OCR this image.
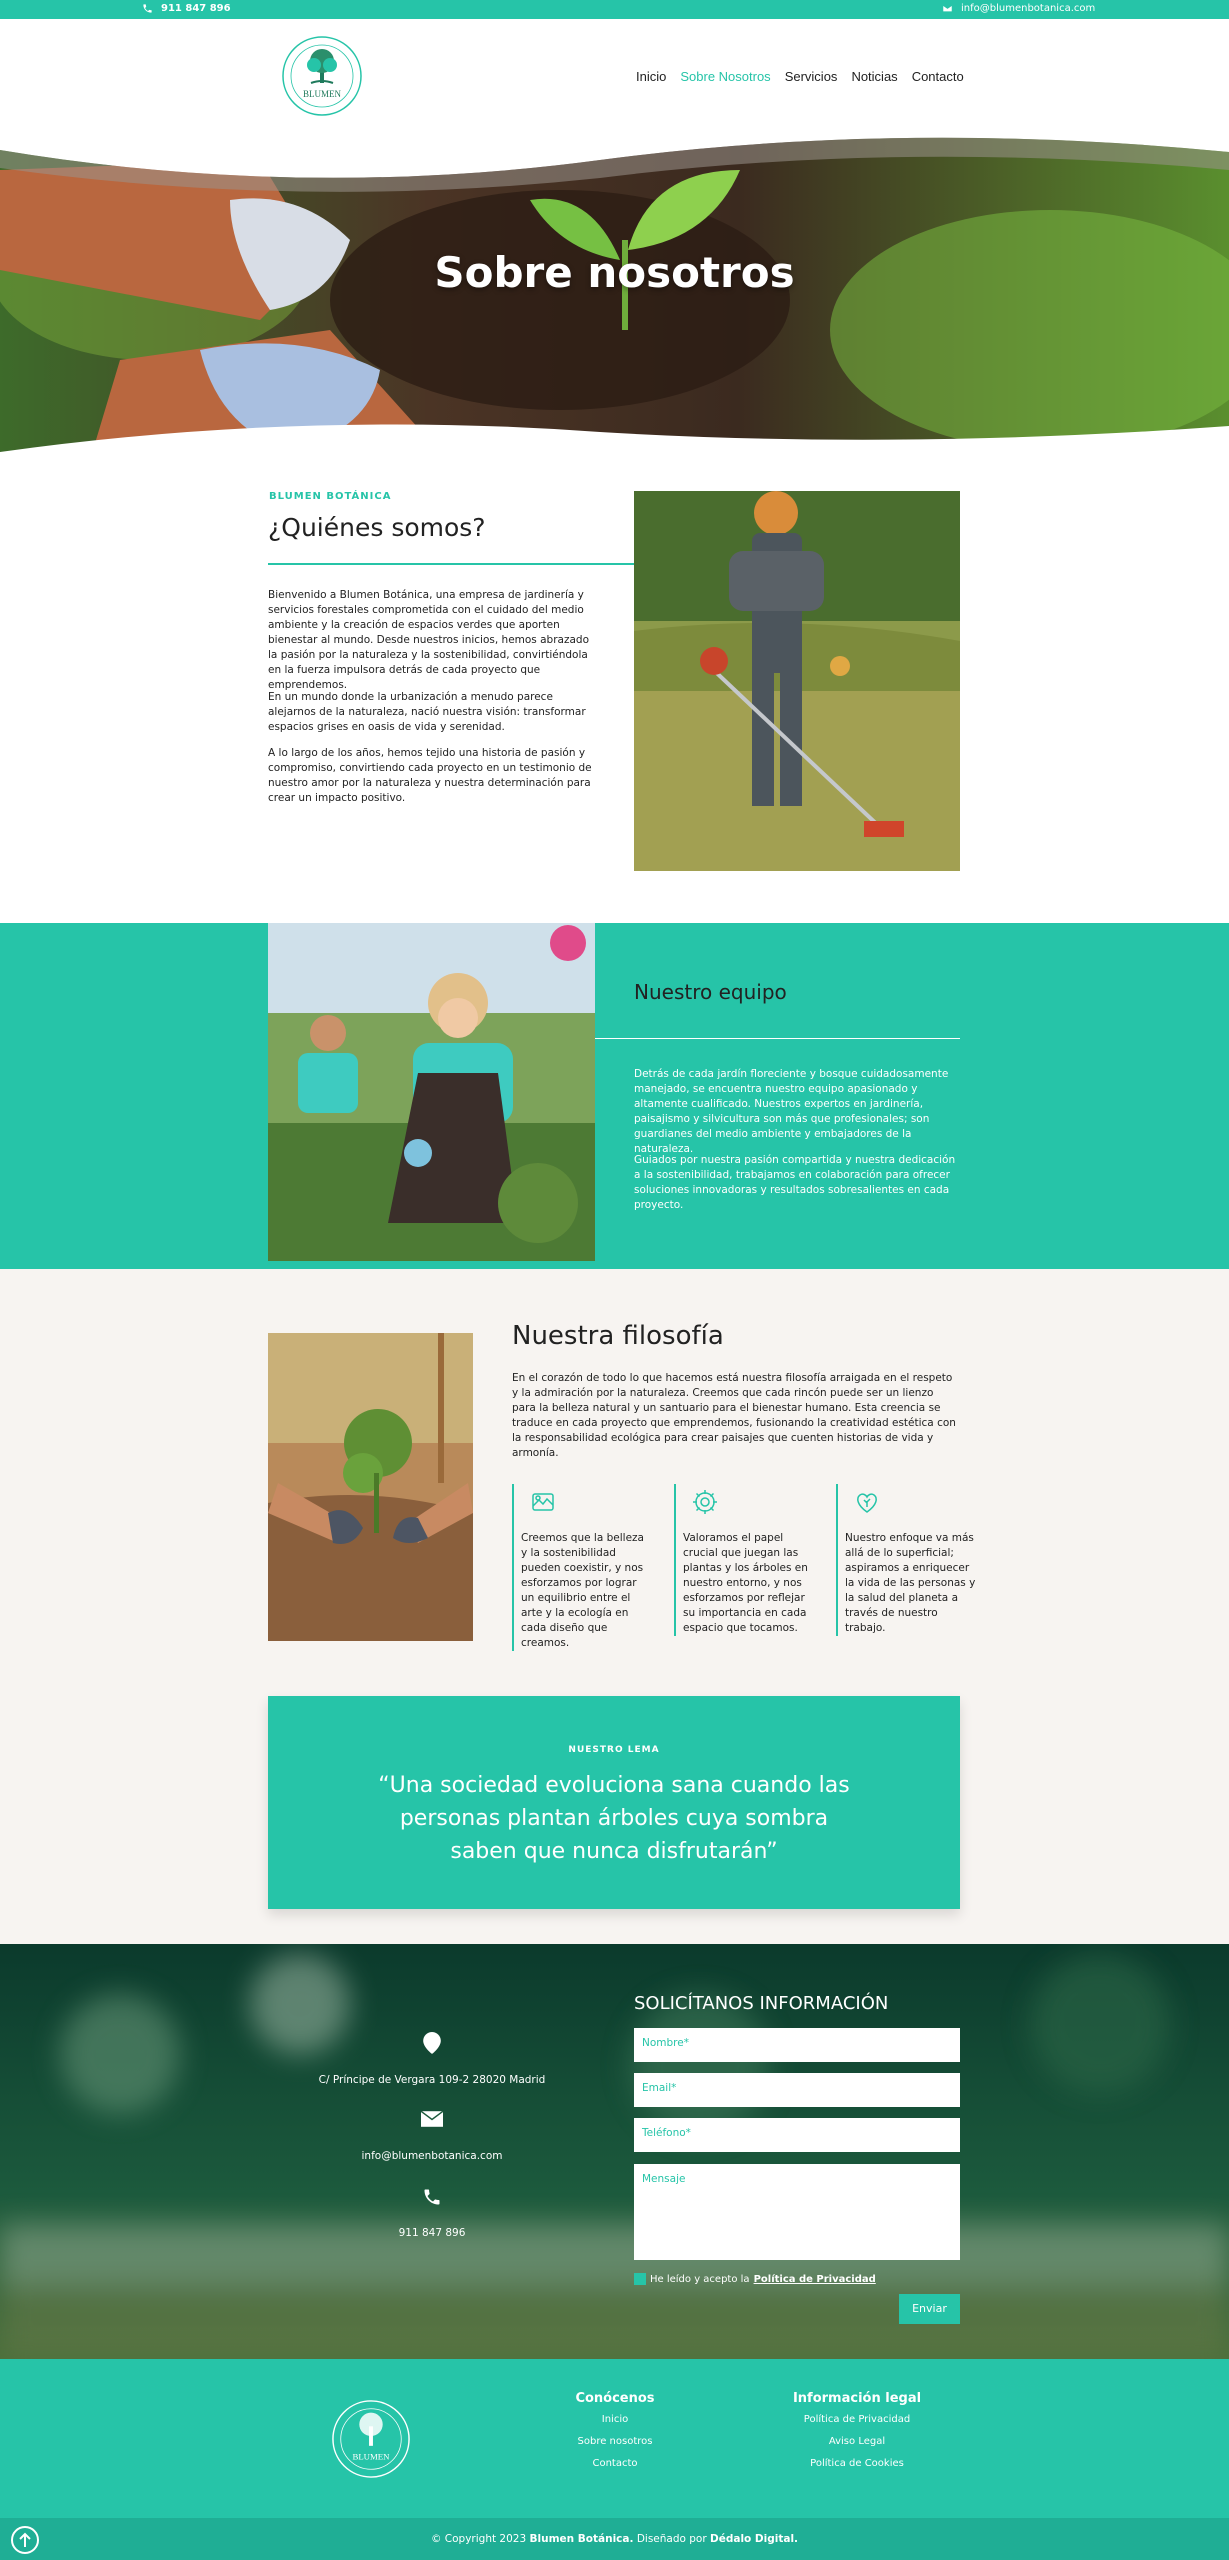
911 847 896	info@blumenbotanica.com
BLUMEN
Inicio Sobre Nosotros Servicios Noticias Contacto
Sobre nosotros
BLUMEN BOTÁNICA
¿Quiénes somos?
Bienvenido a Blumen Botánica, una empresa de jardinería y servicios forestales comprometida con el cuidado del medio ambiente y la creación de espacios verdes que aporten bienestar al mundo. Desde nuestros inicios, hemos abrazado la pasión por la naturaleza y la sostenibilidad, convirtiéndola en la fuerza impulsora detrás de cada proyecto que emprendemos.
En un mundo donde la urbanización a menudo parece alejarnos de la naturaleza, nació nuestra visión: transformar espacios grises en oasis de vida y serenidad.
A lo largo de los años, hemos tejido una historia de pasión y compromiso, convirtiendo cada proyecto en un testimonio de nuestro amor por la naturaleza y nuestra determinación para crear un impacto positivo.
Nuestro equipo
Detrás de cada jardín floreciente y bosque cuidadosamente manejado, se encuentra nuestro equipo apasionado y altamente cualificado. Nuestros expertos en jardinería, paisajismo y silvicultura son más que profesionales; son guardianes del medio ambiente y embajadores de la naturaleza.
Guiados por nuestra pasión compartida y nuestra dedicación a la sostenibilidad, trabajamos en colaboración para ofrecer soluciones innovadoras y resultados sobresalientes en cada proyecto.
Nuestra filosofía
En el corazón de todo lo que hacemos está nuestra filosofía arraigada en el respeto y la admiración por la naturaleza. Creemos que cada rincón puede ser un lienzo para la belleza natural y un santuario para el bienestar humano. Esta creencia se traduce en cada proyecto que emprendemos, fusionando la creatividad estética con la responsabilidad ecológica para crear paisajes que cuenten historias de vida y armonía.
Creemos que la belleza y la sostenibilidad pueden coexistir, y nos esforzamos por lograr un equilibrio entre el arte y la ecología en cada diseño que creamos.
Valoramos el papel crucial que juegan las plantas y los árboles en nuestro entorno, y nos esforzamos por reflejar su importancia en cada espacio que tocamos.
Nuestro enfoque va más allá de lo superficial; aspiramos a enriquecer la vida de las personas y la salud del planeta a través de nuestro trabajo.
NUESTRO LEMA
“Una sociedad evoluciona sana cuando las personas plantan árboles cuya sombra saben que nunca disfrutarán”
C/ Príncipe de Vergara 109-2 28020 Madrid
info@blumenbotanica.com
911 847 896
SOLICÍTANOS INFORMACIÓN
Nombre*
Email*
Teléfono*
Mensaje
He leído y acepto la Política de Privacidad
Enviar
BLUMEN
Conócenos
Inicio
Sobre nosotros
Contacto
Información legal
Política de Privacidad
Aviso Legal
Política de Cookies
© Copyright 2023 Blumen Botánica. Diseñado por Dédalo Digital.
